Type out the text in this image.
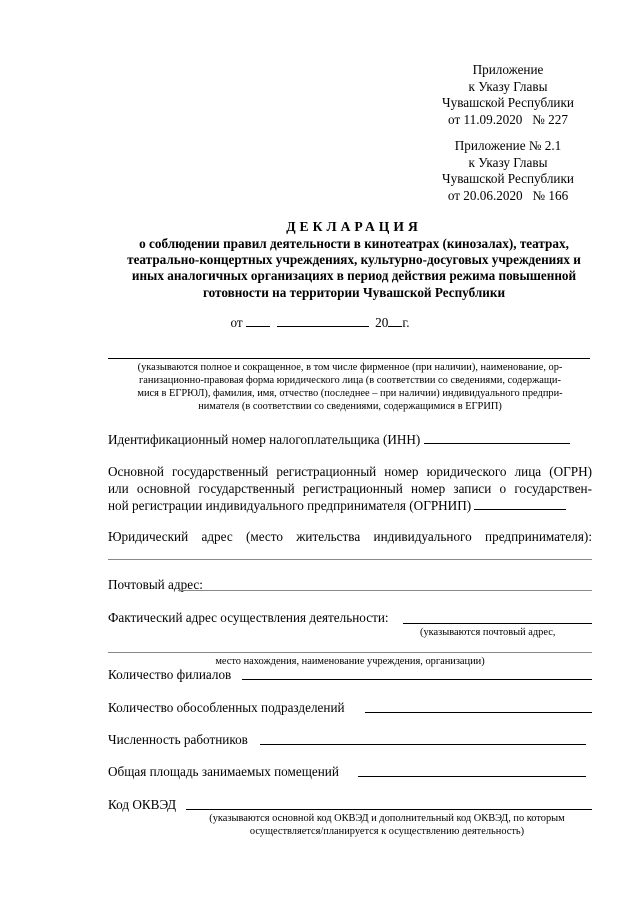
Приложение
к Указу Главы
Чувашской Республики
от 11.09.2020   № 227
Приложение № 2.1
к Указу Главы
Чувашской Республики
от 20.06.2020   № 166
ДЕКЛАРАЦИЯ
о соблюдении правил деятельности в кинотеатрах (кинозалах), театрах,
театрально-концертных учреждениях, культурно-досуговых учреждениях и
иных аналогичных организациях в период действия режима повышенной
готовности на территории Чувашской Республики
от	20 г.
(указываются полное и сокращенное, в том числе фирменное (при наличии), наименование, ор-
ганизационно-правовая форма юридического лица (в соответствии со сведениями, содержащи-
мися в ЕГРЮЛ), фамилия, имя, отчество (последнее – при наличии) индивидуального предпри-
нимателя (в соответствии со сведениями, содержащимися в ЕГРИП)
Идентификационный номер налогоплательщика (ИНН)
Основной государственный регистрационный номер юридического лица (ОГРН)
или основной государственный регистрационный номер записи о государствен-
ной регистрации индивидуального предпринимателя (ОГРНИП)
Юридический адрес (место жительства индивидуального предпринимателя):
Почтовый адрес:
Фактический адрес осуществления деятельности:
(указываются почтовый адрес,
место нахождения, наименование учреждения, организации)
Количество филиалов
Количество обособленных подразделений
Численность работников
Общая площадь занимаемых помещений
Код ОКВЭД
(указываются основной код ОКВЭД и дополнительный код ОКВЭД, по которым
осуществляется/планируется к осуществлению деятельность)
